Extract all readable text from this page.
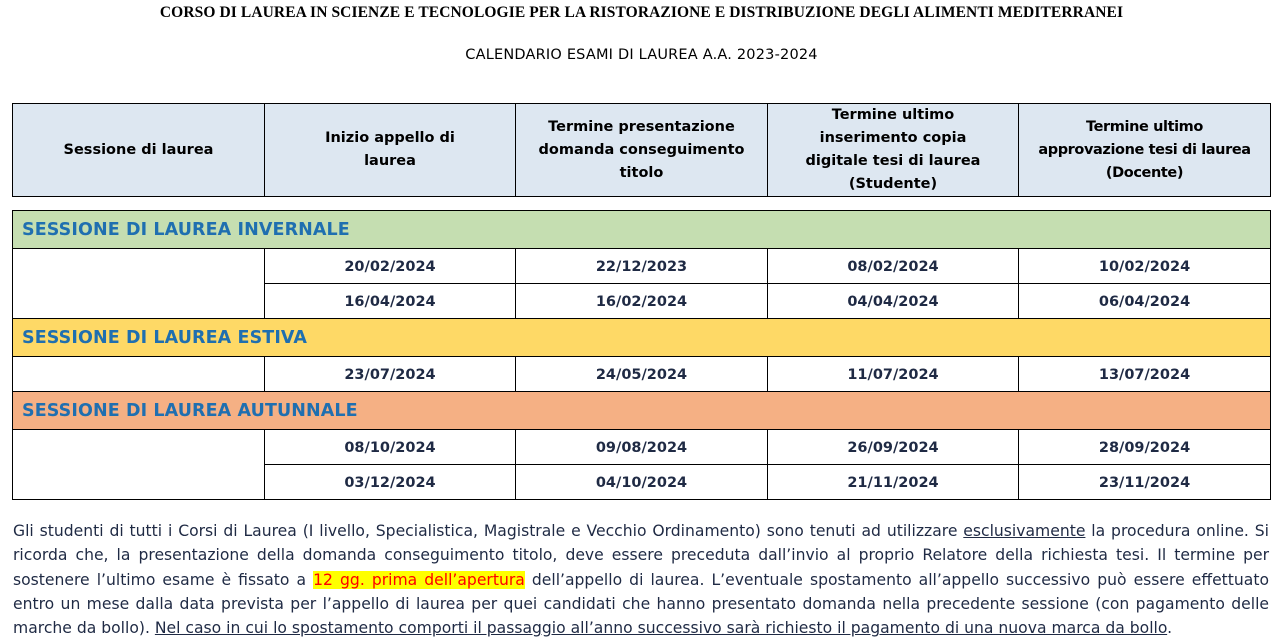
CORSO DI LAUREA IN SCIENZE E TECNOLOGIE PER LA RISTORAZIONE E DISTRIBUZIONE DEGLI ALIMENTI MEDITERRANEI
CALENDARIO ESAMI DI LAUREA A.A. 2023-2024
Sessione di laurea	Inizio appello di laurea	Termine presentazione domanda conseguimento titolo	Termine ultimo inserimento copia digitale tesi di laurea (Studente)	Termine ultimo approvazione tesi di laurea (Docente)
SESSIONE DI LAUREA INVERNALE				
	20/02/2024	22/12/2023	08/02/2024	10/02/2024
	16/04/2024	16/02/2024	04/04/2024	06/04/2024
SESSIONE DI LAUREA ESTIVA				
	23/07/2024	24/05/2024	11/07/2024	13/07/2024
SESSIONE DI LAUREA AUTUNNALE				
	08/10/2024	09/08/2024	26/09/2024	28/09/2024
	03/12/2024	04/10/2024	21/11/2024	23/11/2024
Gli studenti di tutti i Corsi di Laurea (I livello, Specialistica, Magistrale e Vecchio Ordinamento) sono tenuti ad utilizzare esclusivamente la procedura online. Si ricorda che, la presentazione della domanda conseguimento titolo, deve essere preceduta dall’invio al proprio Relatore della richiesta tesi. Il termine per sostenere l’ultimo esame è fissato a 12 gg. prima dell’apertura dell’appello di laurea. L’eventuale spostamento all’appello successivo può essere effettuato entro un mese dalla data prevista per l’appello di laurea per quei candidati che hanno presentato domanda nella precedente sessione (con pagamento delle marche da bollo). Nel caso in cui lo spostamento comporti il passaggio all’anno successivo sarà richiesto il pagamento di una nuova marca da bollo.
